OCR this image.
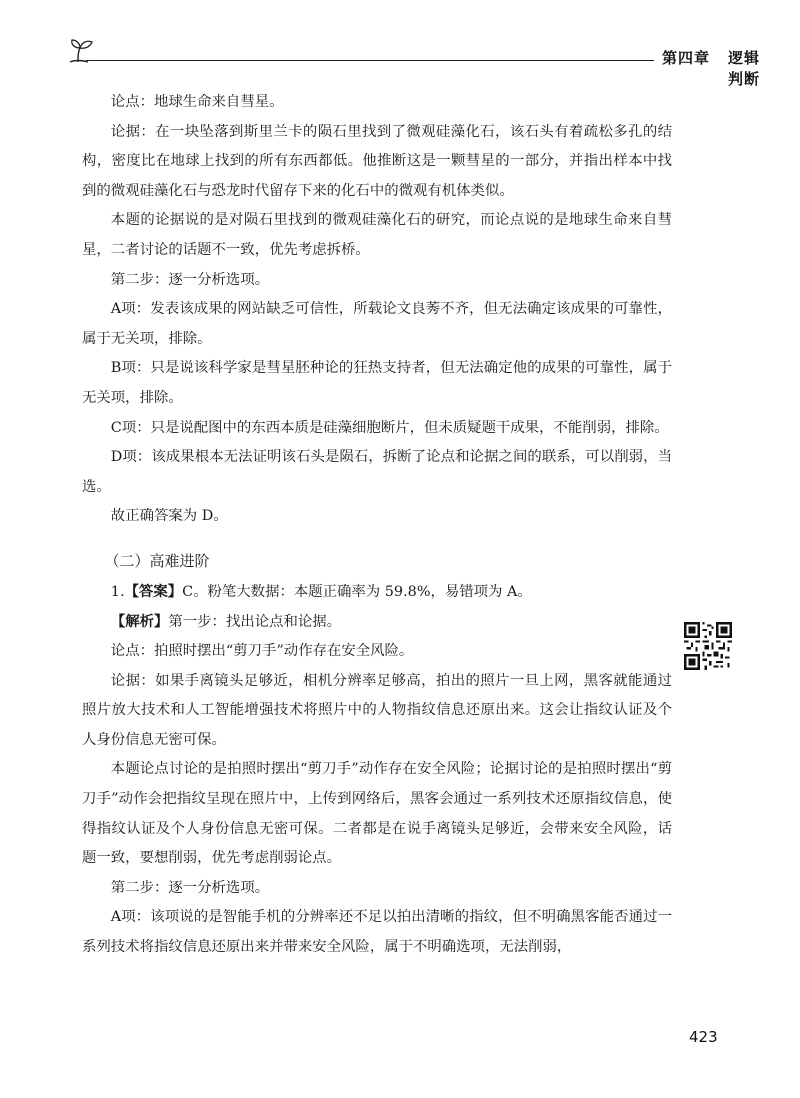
第四章 逻辑判断

论点：地球生命来自彗星。

论据：在一块坠落到斯里兰卡的陨石里找到了微观硅藻化石，该石头有着疏松多孔的结构，密度比在地球上找到的所有东西都低。他推断这是一颗彗星的一部分，并指出样本中找到的微观硅藻化石与恐龙时代留存下来的化石中的微观有机体类似。

本题的论据说的是对陨石里找到的微观硅藻化石的研究，而论点说的是地球生命来自彗星，二者讨论的话题不一致，优先考虑拆桥。

第二步：逐一分析选项。

A项：发表该成果的网站缺乏可信性，所载论文良莠不齐，但无法确定该成果的可靠性，属于无关项，排除。

B项：只是说该科学家是彗星胚种论的狂热支持者，但无法确定他的成果的可靠性，属于无关项，排除。

C项：只是说配图中的东西本质是硅藻细胞断片，但未质疑题干成果，不能削弱，排除。

D项：该成果根本无法证明该石头是陨石，拆断了论点和论据之间的联系，可以削弱，当选。

故正确答案为 D。

（二）高难进阶

1.【答案】C。粉笔大数据：本题正确率为 59.8%，易错项为 A。

【解析】第一步：找出论点和论据。

论点：拍照时摆出“剪刀手”动作存在安全风险。

论据：如果手离镜头足够近，相机分辨率足够高，拍出的照片一旦上网，黑客就能通过照片放大技术和人工智能增强技术将照片中的人物指纹信息还原出来。这会让指纹认证及个人身份信息无密可保。

本题论点讨论的是拍照时摆出“剪刀手”动作存在安全风险；论据讨论的是拍照时摆出“剪刀手”动作会把指纹呈现在照片中，上传到网络后，黑客会通过一系列技术还原指纹信息，使得指纹认证及个人身份信息无密可保。二者都是在说手离镜头足够近，会带来安全风险，话题一致，要想削弱，优先考虑削弱论点。

第二步：逐一分析选项。

A项：该项说的是智能手机的分辨率还不足以拍出清晰的指纹，但不明确黑客能否通过一系列技术将指纹信息还原出来并带来安全风险，属于不明确选项，无法削弱，

423
